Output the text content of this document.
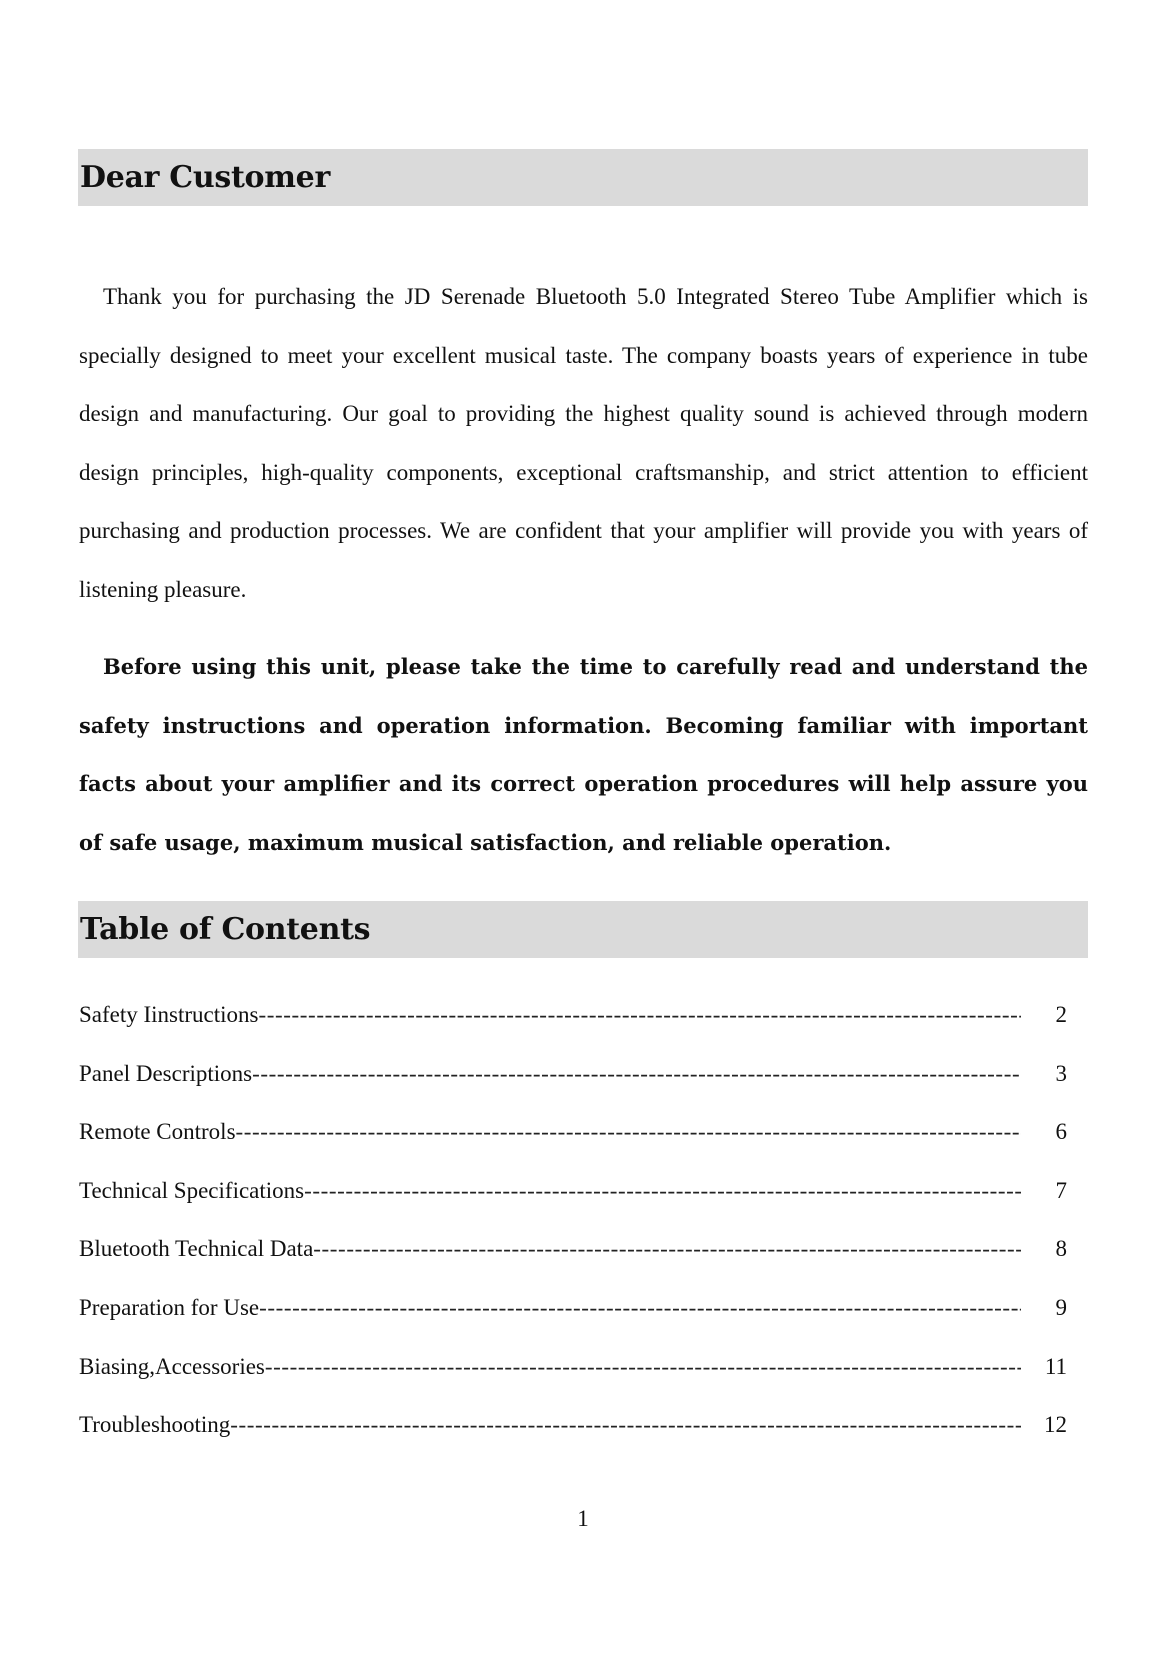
Dear Customer

Thank you for purchasing the JD Serenade Bluetooth 5.0 Integrated Stereo Tube Amplifier which is specially designed to meet your excellent musical taste. The company boasts years of experience in tube design and manufacturing. Our goal to providing the highest quality sound is achieved through modern design principles, high-quality components, exceptional craftsmanship, and strict attention to efficient purchasing and production processes. We are confident that your amplifier will provide you with years of listening pleasure.

Before using this unit, please take the time to carefully read and understand the safety instructions and operation information. Becoming familiar with important facts about your amplifier and its correct operation procedures will help assure you of safe usage, maximum musical satisfaction, and reliable operation.

Table of Contents
Safety Iinstructions -----	2
Panel Descriptions -----	3
Remote Controls -----	6
Technical Specifications -----	7
Bluetooth Technical Data -----	8
Preparation for Use -----	9
Biasing,Accessories -----	11
Troubleshooting -----	12
1
